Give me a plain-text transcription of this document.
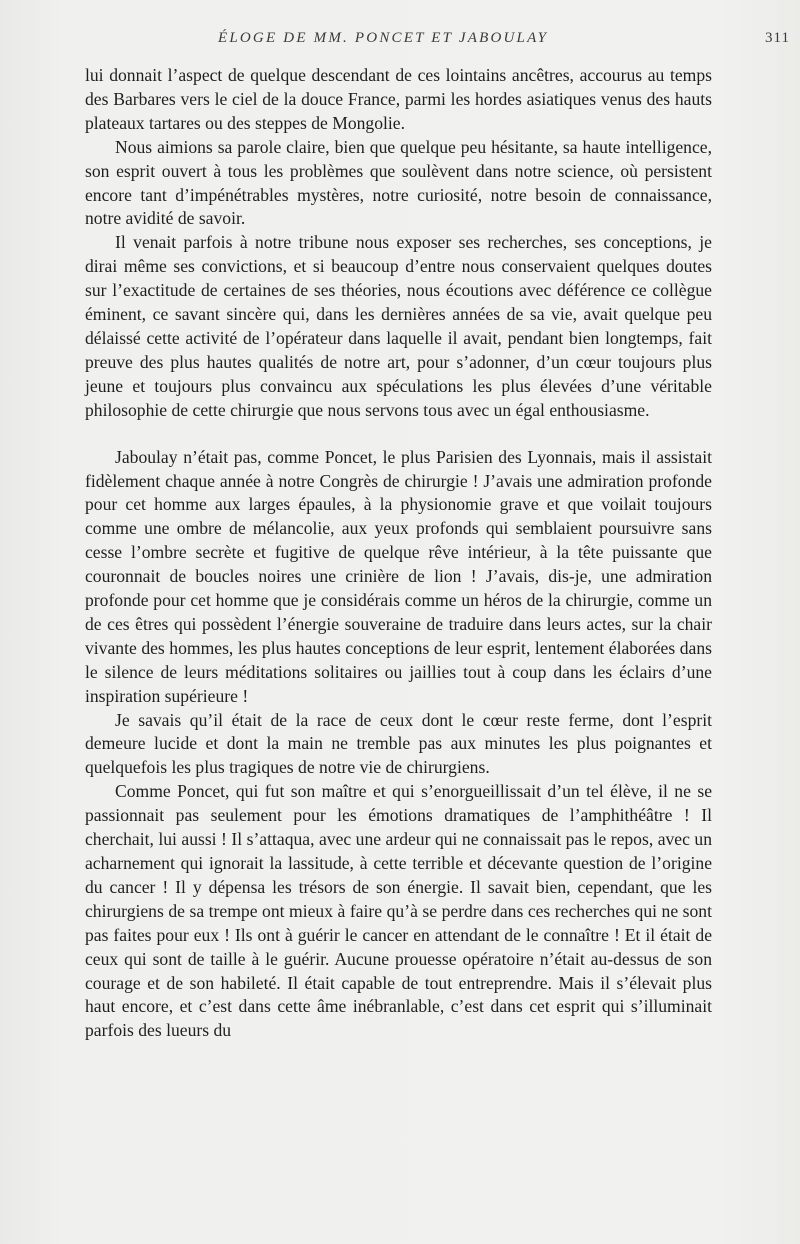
ÉLOGE DE MM. PONCET ET JABOULAY	311

lui donnait l’aspect de quelque descendant de ces lointains ancêtres, accourus au temps des Barbares vers le ciel de la douce France, parmi les hordes asiatiques venus des hauts plateaux tartares ou des steppes de Mongolie.

Nous aimions sa parole claire, bien que quelque peu hésitante, sa haute intelligence, son esprit ouvert à tous les problèmes que soulèvent dans notre science, où persistent encore tant d’impénétrables mystères, notre curiosité, notre besoin de connaissance, notre avidité de savoir.

Il venait parfois à notre tribune nous exposer ses recherches, ses conceptions, je dirai même ses convictions, et si beaucoup d’entre nous conservaient quelques doutes sur l’exactitude de certaines de ses théories, nous écoutions avec déférence ce collègue éminent, ce savant sincère qui, dans les dernières années de sa vie, avait quelque peu délaissé cette activité de l’opérateur dans laquelle il avait, pendant bien longtemps, fait preuve des plus hautes qualités de notre art, pour s’adonner, d’un cœur toujours plus jeune et toujours plus convaincu aux spéculations les plus élevées d’une véritable philosophie de cette chirurgie que nous servons tous avec un égal enthousiasme.

Jaboulay n’était pas, comme Poncet, le plus Parisien des Lyonnais, mais il assistait fidèlement chaque année à notre Congrès de chirurgie ! J’avais une admiration profonde pour cet homme aux larges épaules, à la physionomie grave et que voilait toujours comme une ombre de mélancolie, aux yeux profonds qui semblaient poursuivre sans cesse l’ombre secrète et fugitive de quelque rêve intérieur, à la tête puissante que couronnait de boucles noires une crinière de lion ! J’avais, dis-je, une admiration profonde pour cet homme que je considérais comme un héros de la chirurgie, comme un de ces êtres qui possèdent l’énergie souveraine de traduire dans leurs actes, sur la chair vivante des hommes, les plus hautes conceptions de leur esprit, lentement élaborées dans le silence de leurs méditations solitaires ou jaillies tout à coup dans les éclairs d’une inspiration supérieure !

Je savais qu’il était de la race de ceux dont le cœur reste ferme, dont l’esprit demeure lucide et dont la main ne tremble pas aux minutes les plus poignantes et quelquefois les plus tragiques de notre vie de chirurgiens.

Comme Poncet, qui fut son maître et qui s’enorgueillissait d’un tel élève, il ne se passionnait pas seulement pour les émotions dramatiques de l’amphithéâtre ! Il cherchait, lui aussi ! Il s’attaqua, avec une ardeur qui ne connaissait pas le repos, avec un acharnement qui ignorait la lassitude, à cette terrible et décevante question de l’origine du cancer ! Il y dépensa les trésors de son énergie. Il savait bien, cependant, que les chirurgiens de sa trempe ont mieux à faire qu’à se perdre dans ces recherches qui ne sont pas faites pour eux ! Ils ont à guérir le cancer en attendant de le connaître ! Et il était de ceux qui sont de taille à le guérir. Aucune prouesse opératoire n’était au-dessus de son courage et de son habileté. Il était capable de tout entreprendre. Mais il s’élevait plus haut encore, et c’est dans cette âme inébranlable, c’est dans cet esprit qui s’illuminait parfois des lueurs du
